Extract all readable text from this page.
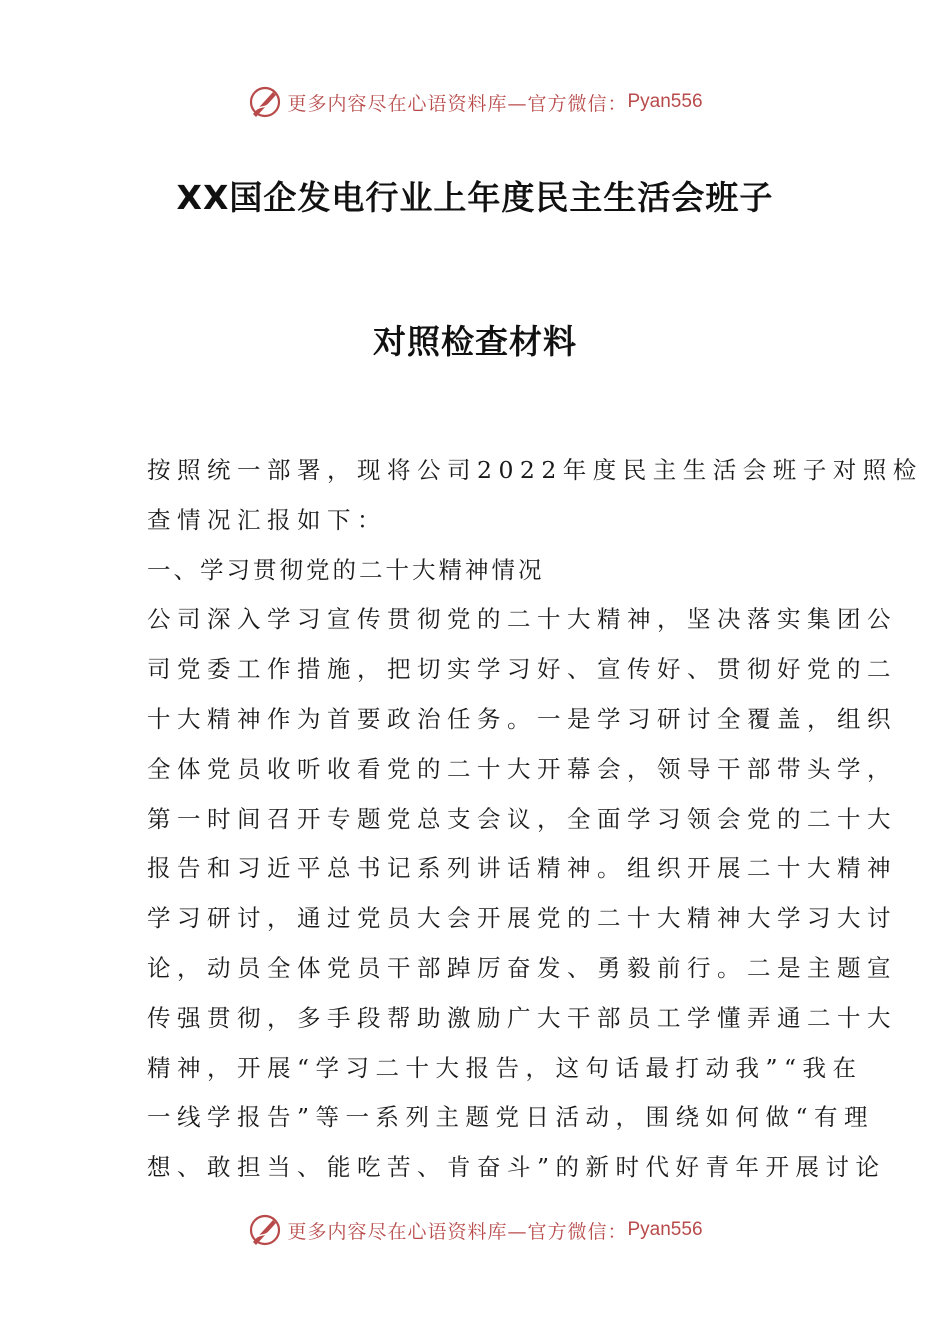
更多内容尽在心语资料库—官方微信： Pyan556
XX国企发电行业上年度民主生活会班子
对照检查材料

按照统一部署，现将公司2022年度民主生活会班子对照检
查情况汇报如下：

一、学习贯彻党的二十大精神情况

公司深入学习宣传贯彻党的二十大精神，坚决落实集团公
司党委工作措施，把切实学习好、宣传好、贯彻好党的二
十大精神作为首要政治任务。一是学习研讨全覆盖，组织
全体党员收听收看党的二十大开幕会，领导干部带头学，
第一时间召开专题党总支会议，全面学习领会党的二十大
报告和习近平总书记系列讲话精神。组织开展二十大精神
学习研讨，通过党员大会开展党的二十大精神大学习大讨
论，动员全体党员干部踔厉奋发、勇毅前行。二是主题宣
传强贯彻，多手段帮助激励广大干部员工学懂弄通二十大
精神，开展“学习二十大报告，这句话最打动我”“我在
一线学报告”等一系列主题党日活动，围绕如何做“有理
想、敢担当、能吃苦、肯奋斗”的新时代好青年开展讨论

更多内容尽在心语资料库—官方微信： Pyan556
